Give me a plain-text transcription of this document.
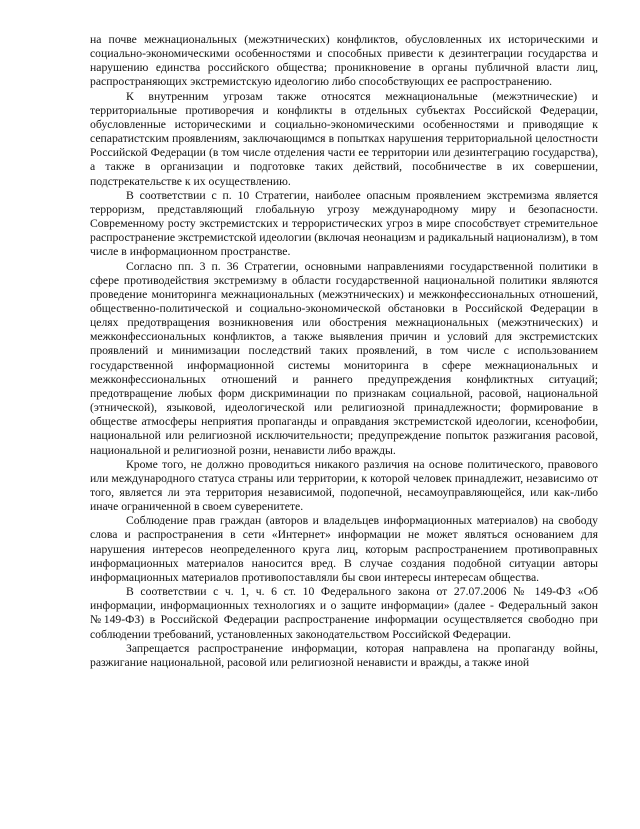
на почве межнациональных (межэтнических) конфликтов, обусловленных их историческими и социально-экономическими особенностями и способных привести к дезинтеграции государства и нарушению единства российского общества; проникновение в органы публичной власти лиц, распространяющих экстремистскую идеологию либо способствующих ее распространению.

К внутренним угрозам также относятся межнациональные (межэтнические) и территориальные противоречия и конфликты в отдельных субъектах Российской Федерации, обусловленные историческими и социально-экономическими особенностями и приводящие к сепаратистским проявлениям, заключающимся в попытках нарушения территориальной целостности Российской Федерации (в том числе отделения части ее территории или дезинтеграцию государства), а также в организации и подготовке таких действий, пособничестве в их совершении, подстрекательстве к их осуществлению.

В соответствии с п. 10 Стратегии, наиболее опасным проявлением экстремизма является терроризм, представляющий глобальную угрозу международному миру и безопасности. Современному росту экстремистских и террористических угроз в мире способствует стремительное распространение экстремистской идеологии (включая неонацизм и радикальный национализм), в том числе в информационном пространстве.

Согласно пп. 3 п. 36 Стратегии, основными направлениями государственной политики в сфере противодействия экстремизму в области государственной национальной политики являются проведение мониторинга межнациональных (межэтнических) и межконфессиональных отношений, общественно-политической и социально-экономической обстановки в Российской Федерации в целях предотвращения возникновения или обострения межнациональных (межэтнических) и межконфессиональных конфликтов, а также выявления причин и условий для экстремистских проявлений и минимизации последствий таких проявлений, в том числе с использованием государственной информационной системы мониторинга в сфере межнациональных и межконфессиональных отношений и раннего предупреждения конфликтных ситуаций; предотвращение любых форм дискриминации по признакам социальной, расовой, национальной (этнической), языковой, идеологической или религиозной принадлежности; формирование в обществе атмосферы неприятия пропаганды и оправдания экстремистской идеологии, ксенофобии, национальной или религиозной исключительности; предупреждение попыток разжигания расовой, национальной и религиозной розни, ненависти либо вражды.

Кроме того, не должно проводиться никакого различия на основе политического, правового или международного статуса страны или территории, к которой человек принадлежит, независимо от того, является ли эта территория независимой, подопечной, несамоуправляющейся, или как-либо иначе ограниченной в своем суверенитете.

Соблюдение прав граждан (авторов и владельцев информационных материалов) на свободу слова и распространения в сети «Интернет» информации не может являться основанием для нарушения интересов неопределенного круга лиц, которым распространением противоправных информационных материалов наносится вред. В случае создания подобной ситуации авторы информационных материалов противопоставляли бы свои интересы интересам общества.

В соответствии с ч. 1, ч. 6 ст. 10 Федерального закона от 27.07.2006 № 149-ФЗ «Об информации, информационных технологиях и о защите информации» (далее - Федеральный закон №149-ФЗ) в Российской Федерации распространение информации осуществляется свободно при соблюдении требований, установленных законодательством Российской Федерации.

Запрещается распространение информации, которая направлена на пропаганду войны, разжигание национальной, расовой или религиозной ненависти и вражды, а также иной
